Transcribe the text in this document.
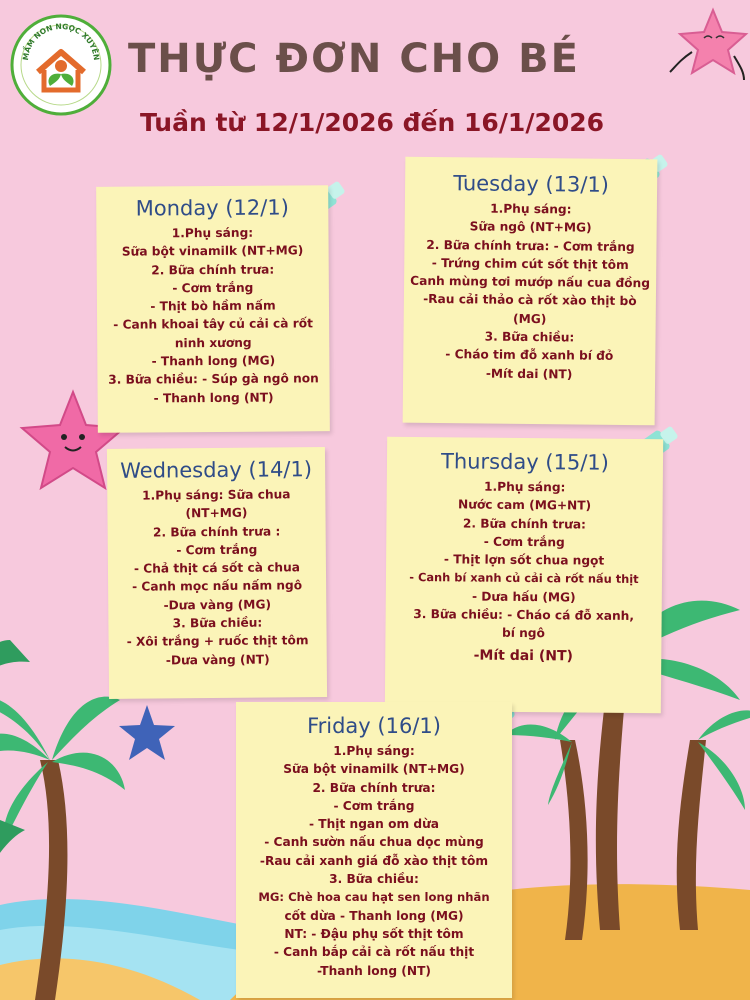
MẦM NON NGỌC XUYÊN THỰC ĐƠN CHO BÉ
Tuần từ 12/1/2026 đến 16/1/2026
Monday (12/1)
1.Phụ sáng:
Sữa bột vinamilk (NT+MG)
2. Bữa chính trưa:
- Cơm trắng
- Thịt bò hầm nấm
- Canh khoai tây củ cải cà rốt
ninh xương
- Thanh long (MG)
3. Bữa chiều: - Súp gà ngô non
- Thanh long (NT)
Tuesday (13/1)
1.Phụ sáng:
Sữa ngô (NT+MG)
2. Bữa chính trưa: - Cơm trắng
- Trứng chim cút sốt thịt tôm
Canh mùng tơi mướp nấu cua đồng
-Rau cải thảo cà rốt xào thịt bò
(MG)
3. Bữa chiều:
- Cháo tim đỗ xanh bí đỏ
-Mít dai (NT)
Wednesday (14/1)
1.Phụ sáng: Sữa chua
(NT+MG)
2. Bữa chính trưa :
- Cơm trắng
- Chả thịt cá sốt cà chua
- Canh mọc nấu nấm ngô
-Dưa vàng (MG)
3. Bữa chiều:
- Xôi trắng + ruốc thịt tôm
-Dưa vàng (NT)
Thursday (15/1)
1.Phụ sáng:
Nước cam (MG+NT)
2. Bữa chính trưa:
- Cơm trắng
- Thịt lợn sốt chua ngọt
- Canh bí xanh củ cải cà rốt nấu thịt
- Dưa hấu (MG)
3. Bữa chiều: - Cháo cá đỗ xanh,
bí ngô
-Mít dai (NT)
Friday (16/1)
1.Phụ sáng:
Sữa bột vinamilk (NT+MG)
2. Bữa chính trưa:
- Cơm trắng
- Thịt ngan om dừa
- Canh sườn nấu chua dọc mùng
-Rau cải xanh giá đỗ xào thịt tôm
3. Bữa chiều:
MG: Chè hoa cau hạt sen long nhãn
cốt dừa - Thanh long (MG)
NT: - Đậu phụ sốt thịt tôm
- Canh bắp cải cà rốt nấu thịt
-Thanh long (NT)
